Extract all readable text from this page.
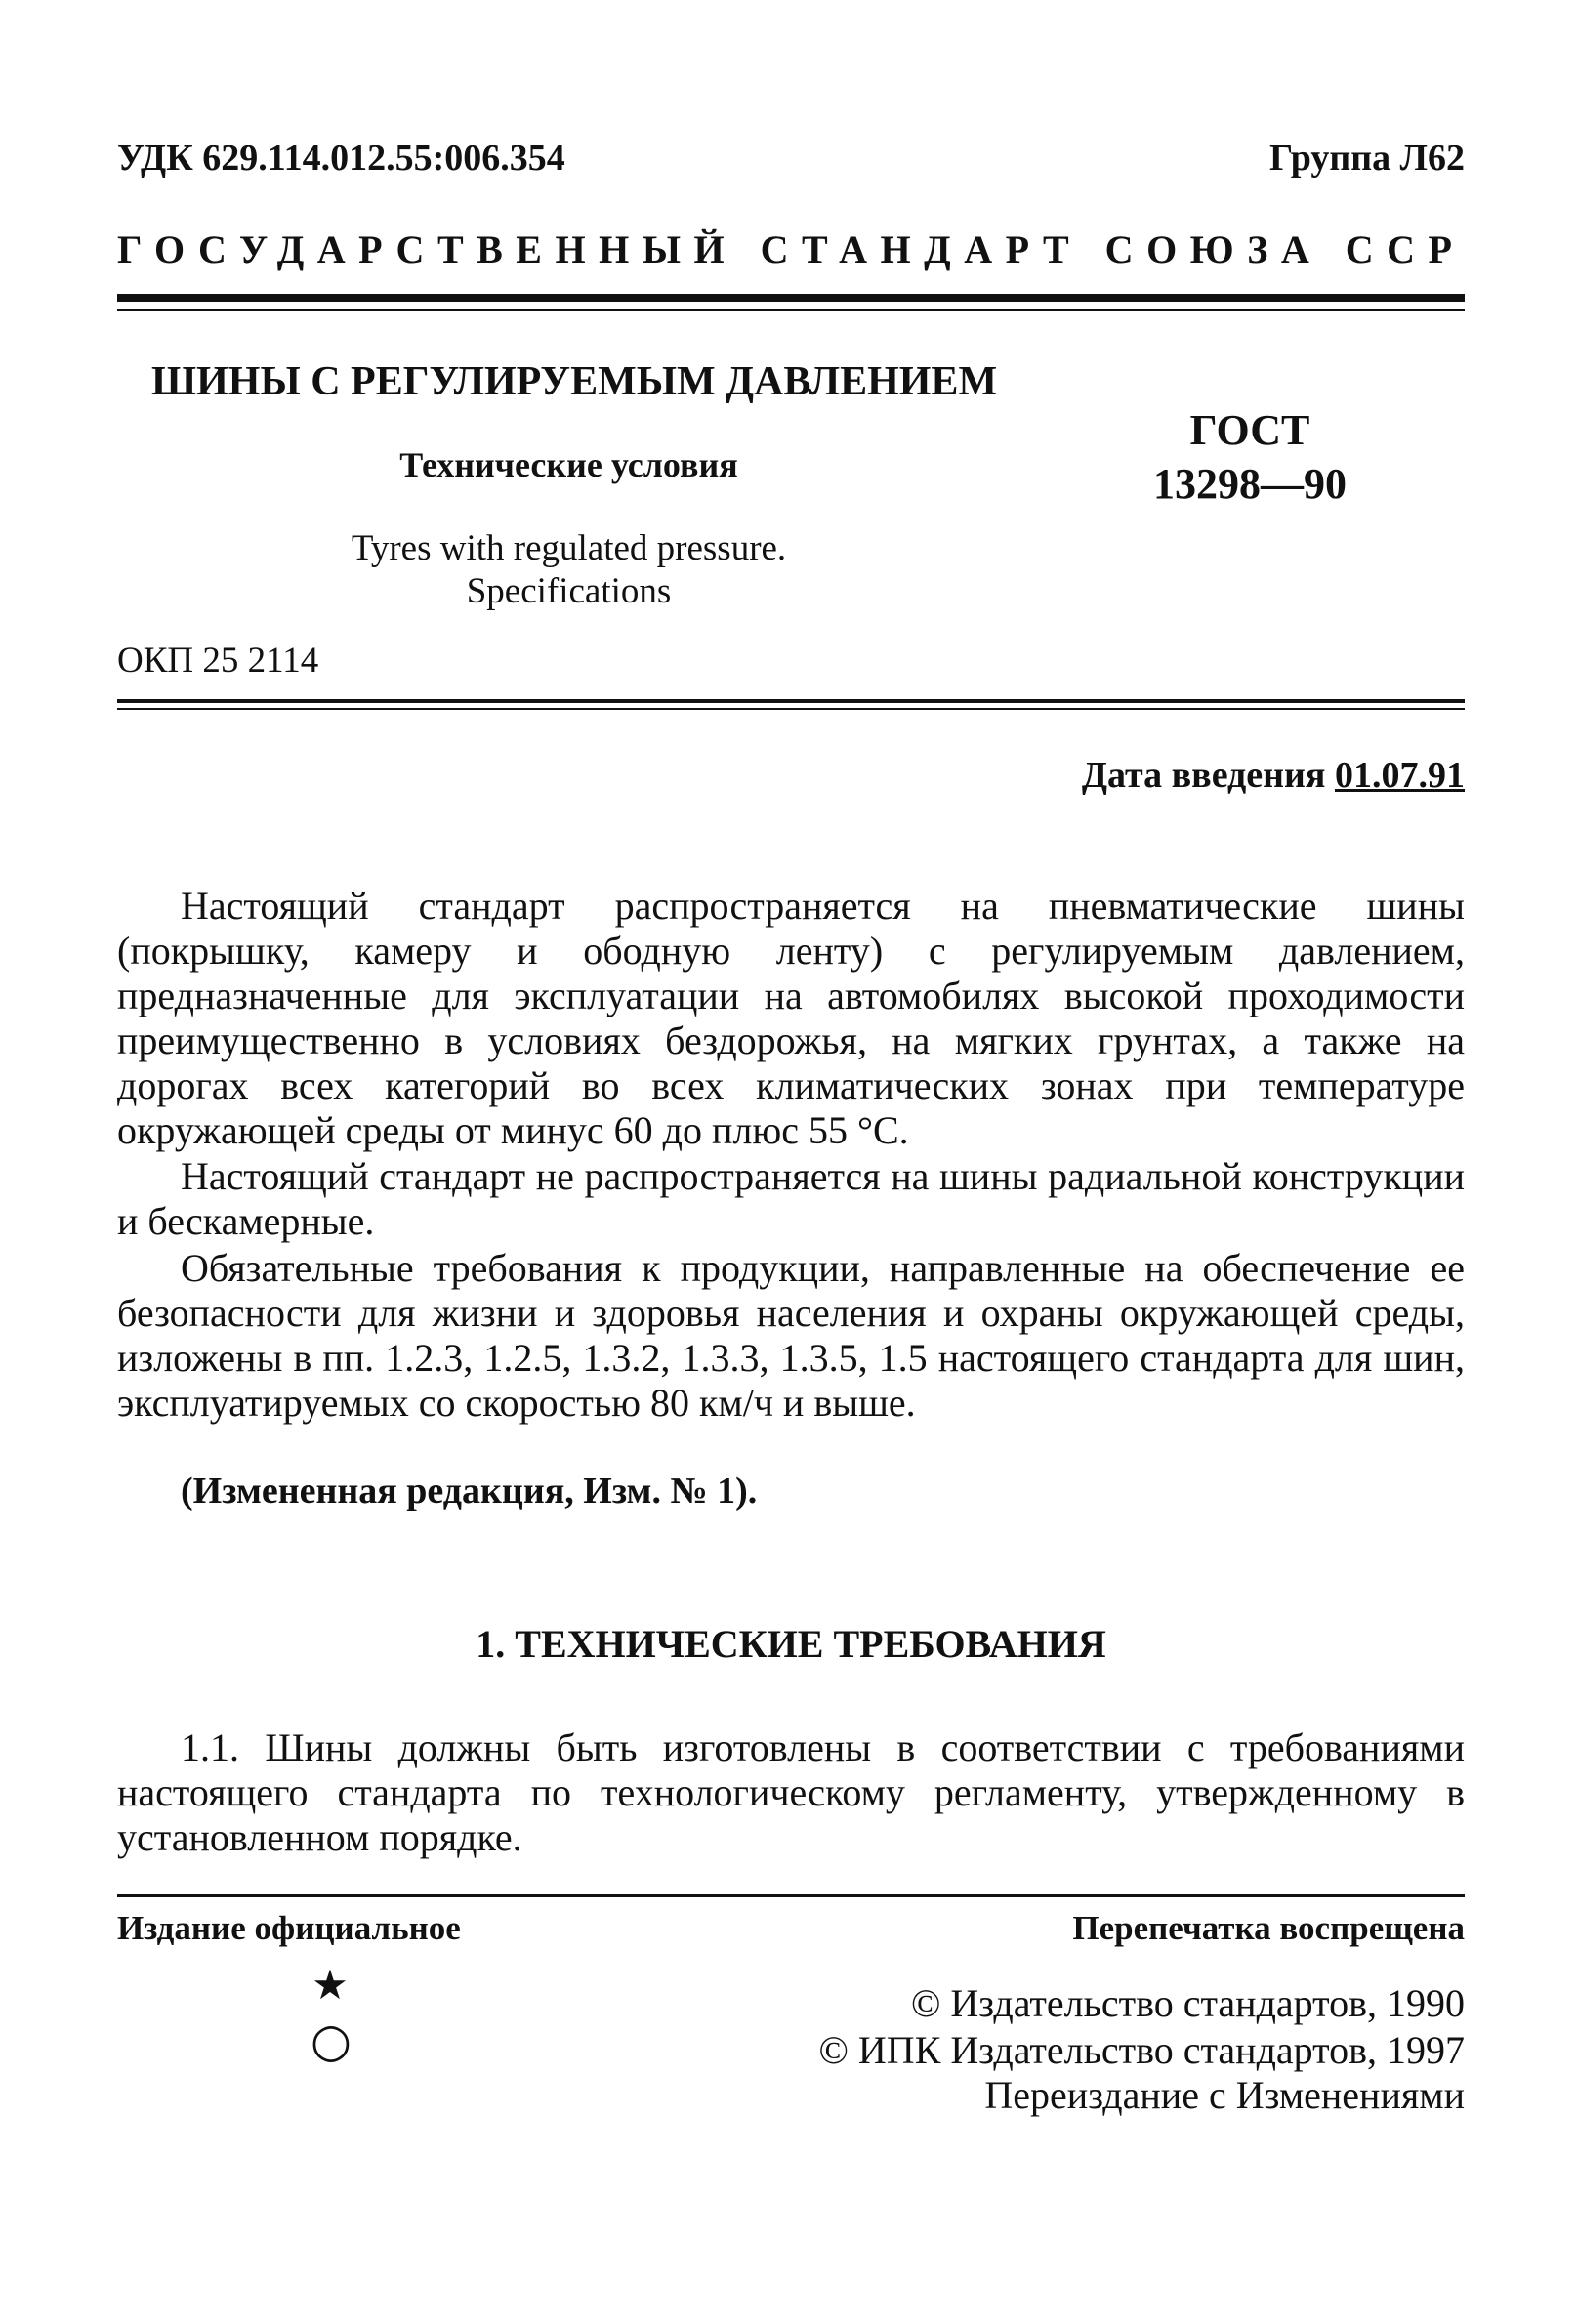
УДК 629.114.012.55:006.354	Группа Л62
ГОСУДАРСТВЕННЫЙ СТАНДАРТ СОЮЗА ССР
ШИНЫ С РЕГУЛИРУЕМЫМ ДАВЛЕНИЕМ
Технические условия
Tyres with regulated pressure.
Specifications
ОКП 25 2114
ГОСТ
13298—90
Дата введения 01.07.91

Настоящий стандарт распространяется на пневматические шины (покрышку, камеру и ободную ленту) с регулируемым давлением, предназначенные для эксплуатации на автомобилях высокой проходимости преимущественно в условиях бездорожья, на мягких грунтах, а также на дорогах всех категорий во всех климатических зонах при температуре окружающей среды от минус 60 до плюс 55 °С.

Настоящий стандарт не распространяется на шины радиальной конструкции и бескамерные.

Обязательные требования к продукции, направленные на обеспечение ее безопасности для жизни и здоровья населения и охраны окружающей среды, изложены в пп. 1.2.3, 1.2.5, 1.3.2, 1.3.3, 1.3.5, 1.5 настоящего стандарта для шин, эксплуатируемых со скоростью 80 км/ч и выше.

(Измененная редакция, Изм. № 1).
1. ТЕХНИЧЕСКИЕ ТРЕБОВАНИЯ

1.1. Шины должны быть изготовлены в соответствии с требованиями настоящего стандарта по технологическому регламенту, утвержденному в установленном порядке.

Издание официальное	Перепечатка воспрещена
★
○
© Издательство стандартов, 1990
© ИПК Издательство стандартов, 1997
Переиздание с Изменениями
